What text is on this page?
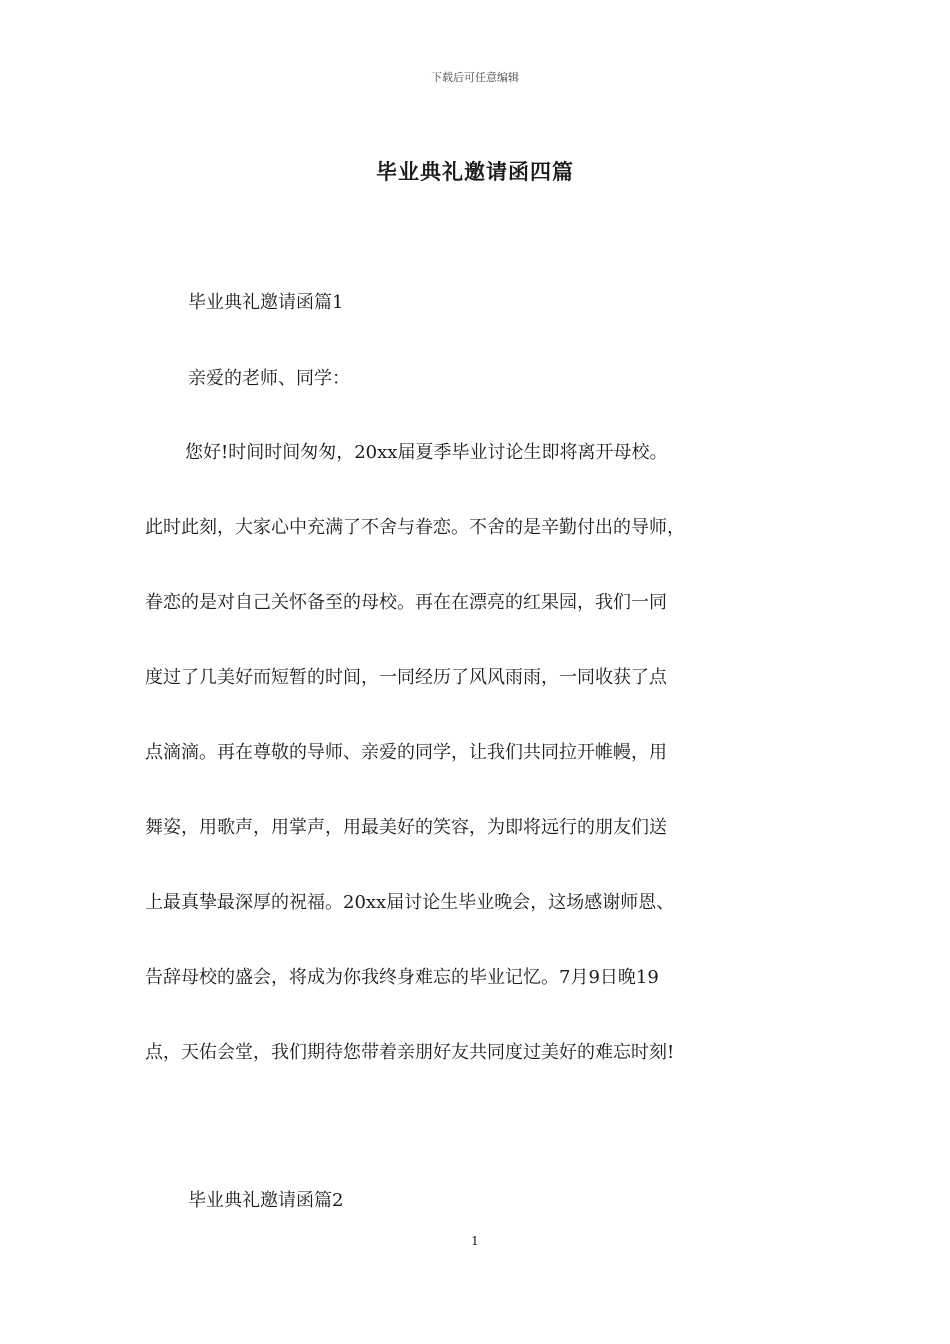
下载后可任意编辑
毕业典礼邀请函四篇
毕业典礼邀请函篇1
亲爱的老师、同学：
您好!时间时间匆匆，20xx届夏季毕业讨论生即将离开母校。
此时此刻，大家心中充满了不舍与眷恋。不舍的是辛勤付出的导师，
眷恋的是对自己关怀备至的母校。再在在漂亮的红果园，我们一同
度过了几美好而短暂的时间，一同经历了风风雨雨，一同收获了点
点滴滴。再在尊敬的导师、亲爱的同学，让我们共同拉开帷幔，用
舞姿，用歌声，用掌声，用最美好的笑容，为即将远行的朋友们送
上最真挚最深厚的祝福。20xx届讨论生毕业晚会，这场感谢师恩、
告辞母校的盛会，将成为你我终身难忘的毕业记忆。7月9日晚19
点，天佑会堂，我们期待您带着亲朋好友共同度过美好的难忘时刻!
毕业典礼邀请函篇2
1
